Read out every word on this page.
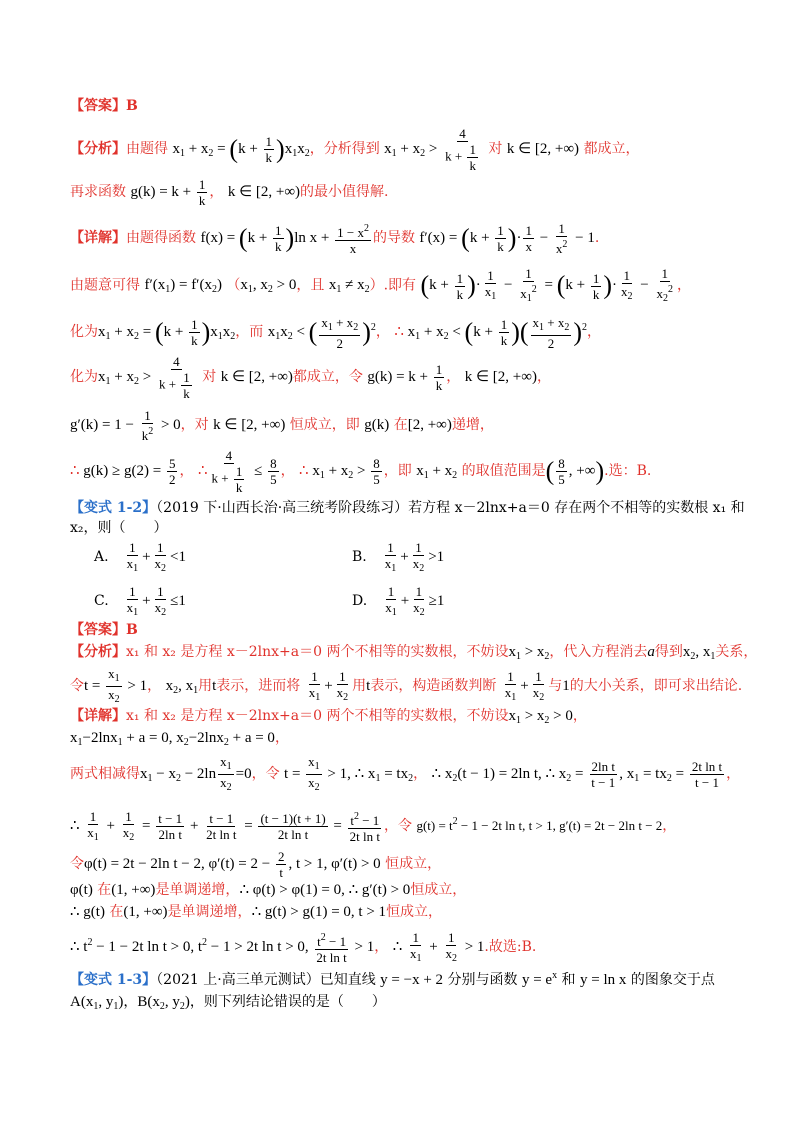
【答案】B
【分析】由题得 $x_1 + x_2 = (k + \frac{1}{k} )x_1x_2$，分析得到 $x_1 + x_2 > \frac{4}{k + \frac{1}{k}}$ 对 k ∈ [2, +∞) 都成立，
再求函数 $g(k) = k + \frac{1}{k}$ ， k ∈ [2, +∞)的最小值得解.
【详解】由题得函数 $f(x) = (k + \frac{1}{k} )\ln$ $x + \frac{1 - x^2}{x}$ 的导数 $f'(x) = (k + \frac{1}{k}$ )· $\frac{1}{x} - \frac{1}{x^2} - 1$.
由题意可得 $f'(x_1) = f'(x_2)$ （$x_1$, $x_2 > 0$，且 $x_1 \ne x_2$）.即有 ($k + \frac{1}{k}$ )· $\frac{1}{x_1} - \frac{1}{x_1^2} = (k + \frac{1}{k}$ )· $\frac{1}{x_2} - \frac{1}{x_2^2}$ ，
化为$x_1 + x_2 = (k + \frac{1}{k} )x_1x_2$，而 $x_1x_2$ < ( $\frac{x_1 + x_2}{2} )^2$， ∴ $x_1 + x_2 < (k + \frac{1}{k}$ )( $\frac{x_1 + x_2}{2} )^2$，
化为$x_1 + x_2 > \frac{4}{k + \frac{1}{k}}$ 对 k ∈ [2, +∞)都成立，令 $g(k) = k + \frac{1}{k}$ ， k ∈ [2, +∞)，
$g'(k) = 1 - \frac{1}{k^2} > 0$，对 k ∈ [2, +∞) 恒成立，即 g(k) 在[2, +∞)递增，
∴ $g(k) \ge g(2) = \frac{5}{2}$ ， ∴ $\frac{4}{k + \frac{1}{k}} \le \frac{8}{5}$ ， ∴ $x_1 + x_2 > \frac{8}{5}$ ，即 $x_1 + x_2$ 的取值范围是( $\frac{8}{5}$ , +∞).选：B.
【变式 1-2】（2019 下·山西长治·高三统考阶段练习）若方程 x－2lnx+a＝0 存在两个不相等的实数根 x₁ 和
x₂，则（　　）
A. $\frac{1}{x_1} + \frac{1}{x_2} <1$	B. $\frac{1}{x_1} + \frac{1}{x_2} >1$
C. $\frac{1}{x_1} + \frac{1}{x_2} \le 1$	D. $\frac{1}{x_1} + \frac{1}{x_2} \ge 1$
【答案】B
【分析】x₁ 和 x₂ 是方程 x－2lnx+a＝0 两个不相等的实数根，不妨设$x_1 > x_2$，代入方程消去a得到$x_2$, $x_1$关系，
令$t = \frac{x_1}{x_2} > 1$， $x_2$, $x_1$用t表示，进而将 $\frac{1}{x_1} + \frac{1}{x_2}$ 用t表示，构造函数判断 $\frac{1}{x_1} + \frac{1}{x_2}$ 与1的大小关系，即可求出结论.
【详解】x₁ 和 x₂ 是方程 x－2lnx+a＝0 两个不相等的实数根，不妨设$x_1 > x_2 > 0$，
$x_1-2\ln x_1 + a = 0$, $x_2-2\ln x_2 + a = 0$，
两式相减得$x_1 - x_2 - 2\ln \frac{x_1}{x_2} =0$，令 $t = \frac{x_1}{x_2} > 1$, ∴ $x_1 = tx_2$， ∴ $x_2(t - 1) = 2\ln$ t, ∴ $x_2 = \frac{\text{2ln t}}{t - 1}$ , $x_1 = tx_2 = \frac{\text{2t ln t}}{t - 1}$ ，
∴ $\frac{1}{x_1} + \frac{1}{x_2} = \frac{t - 1}{\text{2ln t}} + \frac{t - 1}{\text{2t ln t}} = \frac{(t - 1)(t + 1)}{\text{2t ln t}} = \frac{t^2 - 1}{\text{2t ln t}}$ ，令 $g(t) = t^2 - 1 - 2t$ ln t, t > 1, g′(t) = 2t − 2ln t − 2，
令φ(t) = 2t − 2ln t − 2, $\varphi'(t) = 2 - \frac{2}{t}$ , t > 1, φ′(t) > 0 恒成立，
φ(t) 在(1, +∞)是单调递增，∴ φ(t) > φ(1) = 0, ∴ g′(t) > 0恒成立，
∴ g(t) 在(1, +∞)是单调递增，∴ g(t) > g(1) = 0, t > 1恒成立，
∴ $t^2 - 1 - 2t$ ln t > 0, $t^2 - 1 > 2t$ ln t > 0, $\frac{t^2 - 1}{\text{2t ln t}} > 1$， ∴ $\frac{1}{x_1} + \frac{1}{x_2} > 1$.故选:B.
【变式 1-3】（2021 上·高三单元测试）已知直线 y = −x + 2 分别与函数 $y = e^x$ 和 y = ln x 的图象交于点
$A(x_1$, $y_1$)，$B(x_2$, $y_2$)，则下列结论错误的是（　　）
